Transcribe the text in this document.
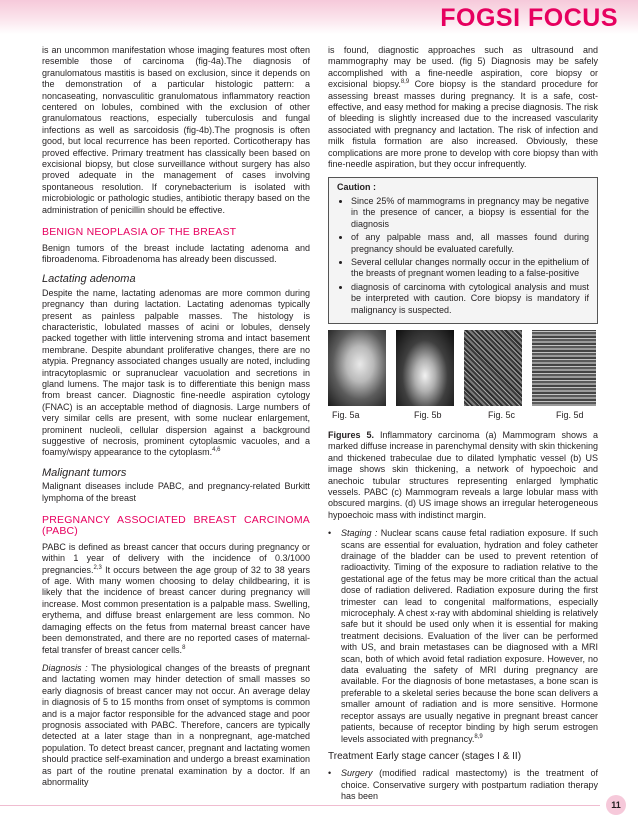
FOGSI FOCUS

is an uncommon manifestation whose imaging features most often resemble those of carcinoma (fig-4a).The diagnosis of granulomatous mastitis is based on exclusion, since it depends on the demonstration of a particular histologic pattern: a noncaseating, nonvasculitic granulomatous inflammatory reaction centered on lobules, combined with the exclusion of other granulomatous reactions, especially tuberculosis and fungal infections as well as sarcoidosis (fig-4b).The prognosis is often good, but local recurrence has been reported. Corticotherapy has proved effective. Primary treatment has classically been based on excisional biopsy, but close surveillance without surgery has also proved adequate in the management of cases involving spontaneous resolution. If corynebacterium is isolated with microbiologic or pathologic studies, antibiotic therapy based on the administration of penicillin should be effective.

BENIGN NEOPLASIA OF THE BREAST

Benign tumors of the breast include lactating adenoma and fibroadenoma. Fibroadenoma has already been discussed.

Lactating adenoma

Despite the name, lactating adenomas are more common during pregnancy than during lactation. Lactating adenomas typically present as painless palpable masses. The histology is characteristic, lobulated masses of acini or lobules, densely packed together with little intervening stroma and intact basement membrane. Despite abundant proliferative changes, there are no atypia. Pregnancy associated changes usually are noted, including intracytoplasmic or supranuclear vacuolation and secretions in gland lumens. The major task is to differentiate this benign mass from breast cancer. Diagnostic fine-needle aspiration cytology (FNAC) is an acceptable method of diagnosis. Large numbers of very similar cells are present, with some nuclear enlargement, prominent nucleoli, cellular dispersion against a background suggestive of necrosis, prominent cytoplasmic vacuoles, and a foamy/wispy appearance to the cytoplasm.$^{4,6}$

Malignant tumors

Malignant diseases include PABC, and pregnancy-related Burkitt lymphoma of the breast

PREGNANCY ASSOCIATED BREAST CARCINOMA (PABC)

PABC is defined as breast cancer that occurs during pregnancy or within 1 year of delivery with the incidence of 0.3/1000 pregnancies.$^{2,3}$ It occurs between the age group of 32 to 38 years of age. With many women choosing to delay childbearing, it is likely that the incidence of breast cancer during pregnancy will increase. Most common presentation is a palpable mass. Swelling, erythema, and diffuse breast enlargement are less common. No damaging effects on the fetus from maternal breast cancer have been demonstrated, and there are no reported cases of maternal-fetal transfer of breast cancer cells.$^8$

Diagnosis : The physiological changes of the breasts of pregnant and lactating women may hinder detection of small masses so early diagnosis of breast cancer may not occur. An average delay in diagnosis of 5 to 15 months from onset of symptoms is common and is a major factor responsible for the advanced stage and poor prognosis associated with PABC. Therefore, cancers are typically detected at a later stage than in a nonpregnant, age-matched population. To detect breast cancer, pregnant and lactating women should practice self-examination and undergo a breast examination as part of the routine prenatal examination by a doctor. If an abnormality

is found, diagnostic approaches such as ultrasound and mammography may be used. (fig 5) Diagnosis may be safely accomplished with a fine-needle aspiration, core biopsy or excisional biopsy.$^{8,9}$ Core biopsy is the standard procedure for assessing breast masses during pregnancy. It is a safe, cost-effective, and easy method for making a precise diagnosis. The risk of bleeding is slightly increased due to the increased vascularity associated with pregnancy and lactation. The risk of infection and milk fistula formation are also increased. Obviously, these complications are more prone to develop with core biopsy than with fine-needle aspiration, but they occur infrequently.

Caution :
• Since 25% of mammograms in pregnancy may be negative in the presence of cancer, a biopsy is essential for the diagnosis
• of any palpable mass and, all masses found during pregnancy should be evaluated carefully.
• Several cellular changes normally occur in the epithelium of the breasts of pregnant women leading to a false-positive
• diagnosis of carcinoma with cytological analysis and must be interpreted with caution. Core biopsy is mandatory if malignancy is suspected.
Fig. 5a	Fig. 5b	Fig. 5c	Fig. 5d

Figures 5. Inflammatory carcinoma (a) Mammogram shows a marked diffuse increase in parenchymal density with skin thickening and thickened trabeculae due to dilated lymphatic vessel (b) US image shows skin thickening, a network of hypoechoic and anechoic tubular structures representing enlarged lymphatic vessels. PABC (c) Mammogram reveals a large lobular mass with obscured margins. (d) US image shows an irregular heterogeneous hypoechoic mass with indistinct margin.

•	Staging : Nuclear scans cause fetal radiation exposure. If such scans are essential for evaluation, hydration and foley catheter drainage of the bladder can be used to prevent retention of radioactivity. Timing of the exposure to radiation relative to the gestational age of the fetus may be more critical than the actual dose of radiation delivered. Radiation exposure during the first trimester can lead to congenital malformations, especially microcephaly. A chest x-ray with abdominal shielding is relatively safe but it should be used only when it is essential for making treatment decisions. Evaluation of the liver can be performed with US, and brain metastases can be diagnosed with a MRI scan, both of which avoid fetal radiation exposure. However, no data evaluating the safety of MRI during pregnancy are available. For the diagnosis of bone metastases, a bone scan is preferable to a skeletal series because the bone scan delivers a smaller amount of radiation and is more sensitive. Hormone receptor assays are usually negative in pregnant breast cancer patients, because of receptor binding by high serum estrogen levels associated with pregnancy.$^{8,9}$
Treatment Early stage cancer (stages I & II)
•	Surgery (modified radical mastectomy) is the treatment of choice. Conservative surgery with postpartum radiation therapy has been
11
